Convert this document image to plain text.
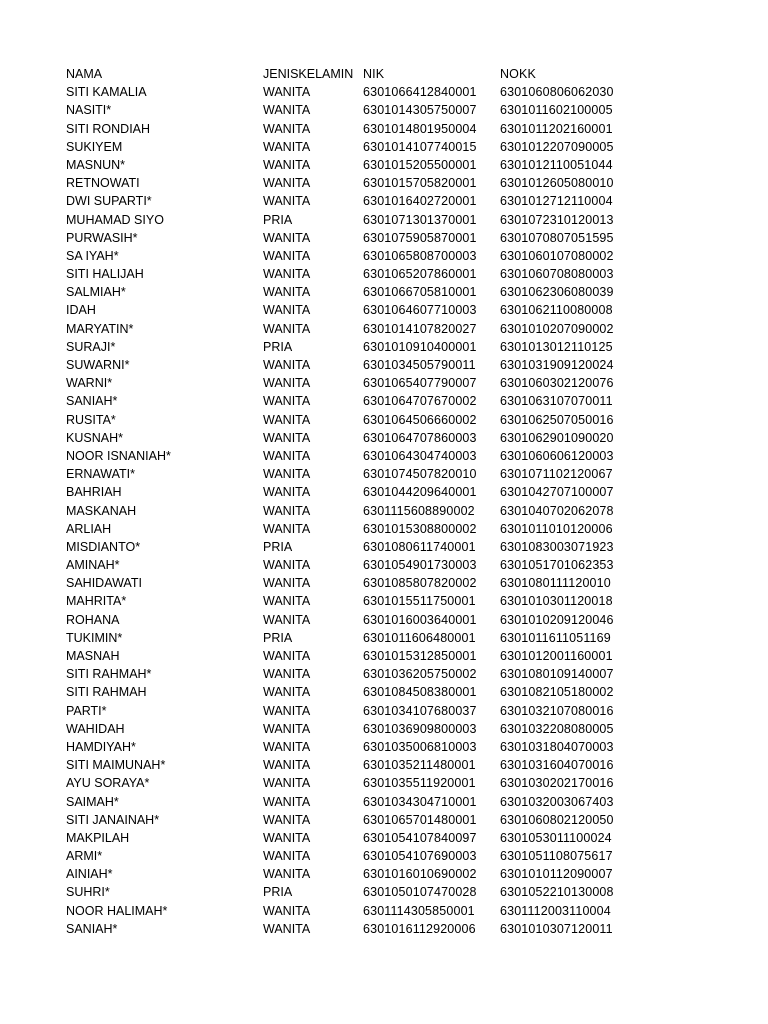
NAMA	JENISKELAMIN NIK	NOKK
SITI KAMALIA	WANITA	6301066412840001 6301060806062030
NASITI*	WANITA	6301014305750007 6301011602100005
SITI RONDIAH	WANITA	6301014801950004 6301011202160001
SUKIYEM	WANITA	6301014107740015 6301012207090005
MASNUN*	WANITA	6301015205500001 6301012110051044
RETNOWATI	WANITA	6301015705820001 6301012605080010
DWI SUPARTI*	WANITA	6301016402720001 6301012712110004
MUHAMAD SIYO	PRIA	6301071301370001 6301072310120013
PURWASIH*	WANITA	6301075905870001 6301070807051595
SA IYAH*	WANITA	6301065808700003 6301060107080002
SITI HALIJAH	WANITA	6301065207860001 6301060708080003
SALMIAH*	WANITA	6301066705810001 6301062306080039
IDAH	WANITA	6301064607710003 6301062110080008
MARYATIN*	WANITA	6301014107820027 6301010207090002
SURAJI*	PRIA	6301010910400001 6301013012110125
SUWARNI*	WANITA	6301034505790011 6301031909120024
WARNI*	WANITA	6301065407790007 6301060302120076
SANIAH*	WANITA	6301064707670002 6301063107070011
RUSITA*	WANITA	6301064506660002 6301062507050016
KUSNAH*	WANITA	6301064707860003 6301062901090020
NOOR ISNANIAH*	WANITA	6301064304740003 6301060606120003
ERNAWATI*	WANITA	6301074507820010 6301071102120067
BAHRIAH	WANITA	6301044209640001 6301042707100007
MASKANAH	WANITA	6301115608890002 6301040702062078
ARLIAH	WANITA	6301015308800002 6301011010120006
MISDIANTO*	PRIA	6301080611740001 6301083003071923
AMINAH*	WANITA	6301054901730003 6301051701062353
SAHIDAWATI	WANITA	6301085807820002 6301080111120010
MAHRITA*	WANITA	6301015511750001 6301010301120018
ROHANA	WANITA	6301016003640001 6301010209120046
TUKIMIN*	PRIA	6301011606480001 6301011611051169
MASNAH	WANITA	6301015312850001 6301012001160001
SITI RAHMAH*	WANITA	6301036205750002 6301080109140007
SITI RAHMAH	WANITA	6301084508380001 6301082105180002
PARTI*	WANITA	6301034107680037 6301032107080016
WAHIDAH	WANITA	6301036909800003 6301032208080005
HAMDIYAH*	WANITA	6301035006810003 6301031804070003
SITI MAIMUNAH*	WANITA	6301035211480001 6301031604070016
AYU SORAYA*	WANITA	6301035511920001 6301030202170016
SAIMAH*	WANITA	6301034304710001 6301032003067403
SITI JANAINAH*	WANITA	6301065701480001 6301060802120050
MAKPILAH	WANITA	6301054107840097 6301053011100024
ARMI*	WANITA	6301054107690003 6301051108075617
AINIAH*	WANITA	6301016010690002 6301010112090007
SUHRI*	PRIA	6301050107470028 6301052210130008
NOOR HALIMAH*	WANITA	6301114305850001 6301112003110004
SANIAH*	WANITA	6301016112920006 6301010307120011
